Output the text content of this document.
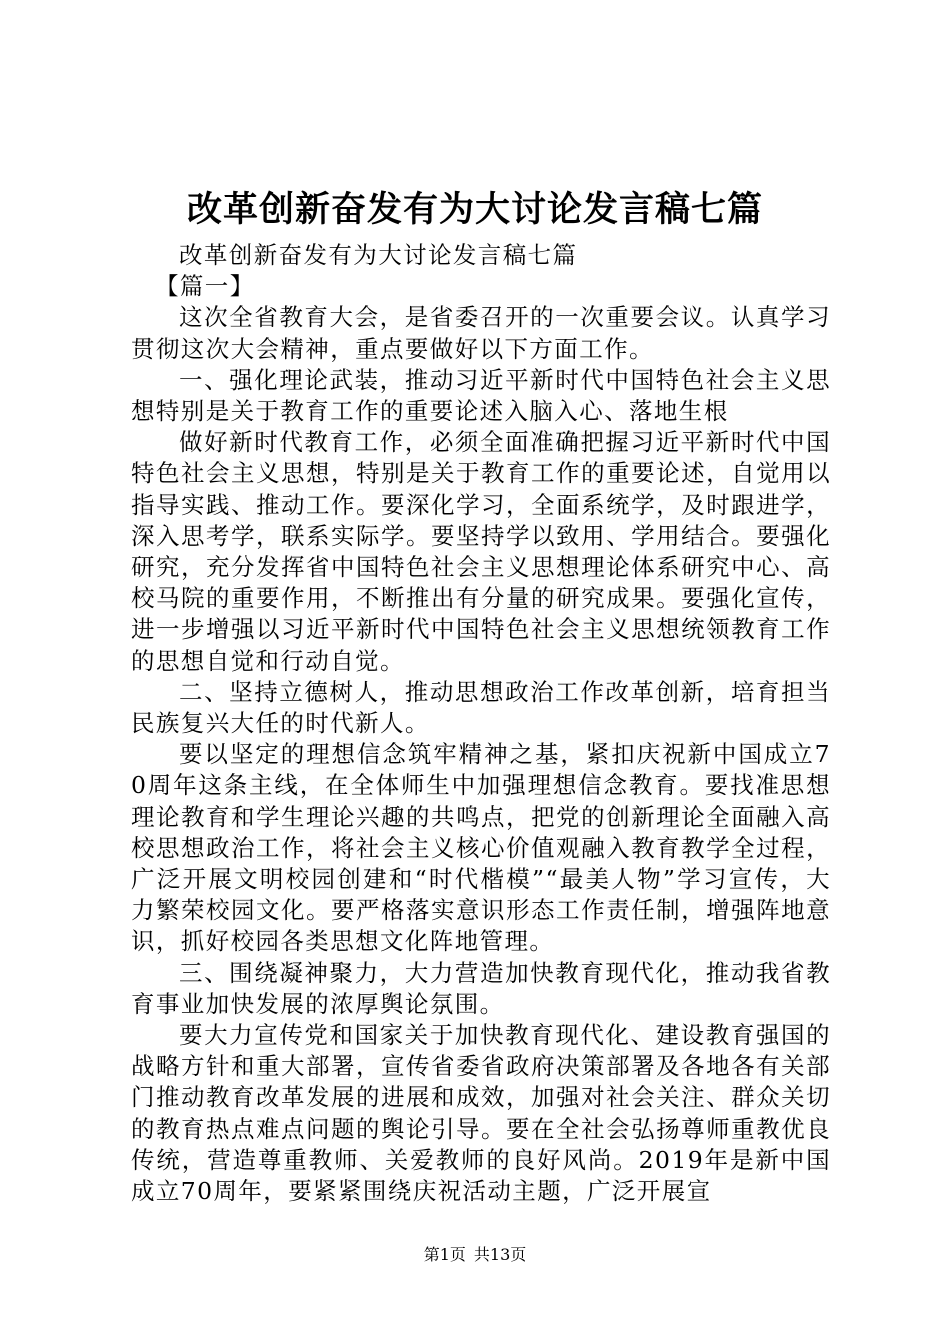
改革创新奋发有为大讨论发言稿七篇

改革创新奋发有为大讨论发言稿七篇

【篇一】

这次全省教育大会，是省委召开的一次重要会议。认真学习贯彻这次大会精神，重点要做好以下方面工作。

一、强化理论武装，推动习近平新时代中国特色社会主义思想特别是关于教育工作的重要论述入脑入心、落地生根

做好新时代教育工作，必须全面准确把握习近平新时代中国特色社会主义思想，特别是关于教育工作的重要论述，自觉用以指导实践、推动工作。要深化学习，全面系统学，及时跟进学，深入思考学，联系实际学。要坚持学以致用、学用结合。要强化研究，充分发挥省中国特色社会主义思想理论体系研究中心、高校马院的重要作用，不断推出有分量的研究成果。要强化宣传，进一步增强以习近平新时代中国特色社会主义思想统领教育工作的思想自觉和行动自觉。

二、坚持立德树人，推动思想政治工作改革创新，培育担当民族复兴大任的时代新人。

要以坚定的理想信念筑牢精神之基，紧扣庆祝新中国成立70周年这条主线，在全体师生中加强理想信念教育。要找准思想理论教育和学生理论兴趣的共鸣点，把党的创新理论全面融入高校思想政治工作，将社会主义核心价值观融入教育教学全过程，广泛开展文明校园创建和“时代楷模”“最美人物”学习宣传，大力繁荣校园文化。要严格落实意识形态工作责任制，增强阵地意识，抓好校园各类思想文化阵地管理。

三、围绕凝神聚力，大力营造加快教育现代化，推动我省教育事业加快发展的浓厚舆论氛围。

要大力宣传党和国家关于加快教育现代化、建设教育强国的战略方针和重大部署，宣传省委省政府决策部署及各地各有关部门推动教育改革发展的进展和成效，加强对社会关注、群众关切的教育热点难点问题的舆论引导。要在全社会弘扬尊师重教优良传统，营造尊重教师、关爱教师的良好风尚。2019年是新中国成立70周年，要紧紧围绕庆祝活动主题，广泛开展宣

第1页 共13页
